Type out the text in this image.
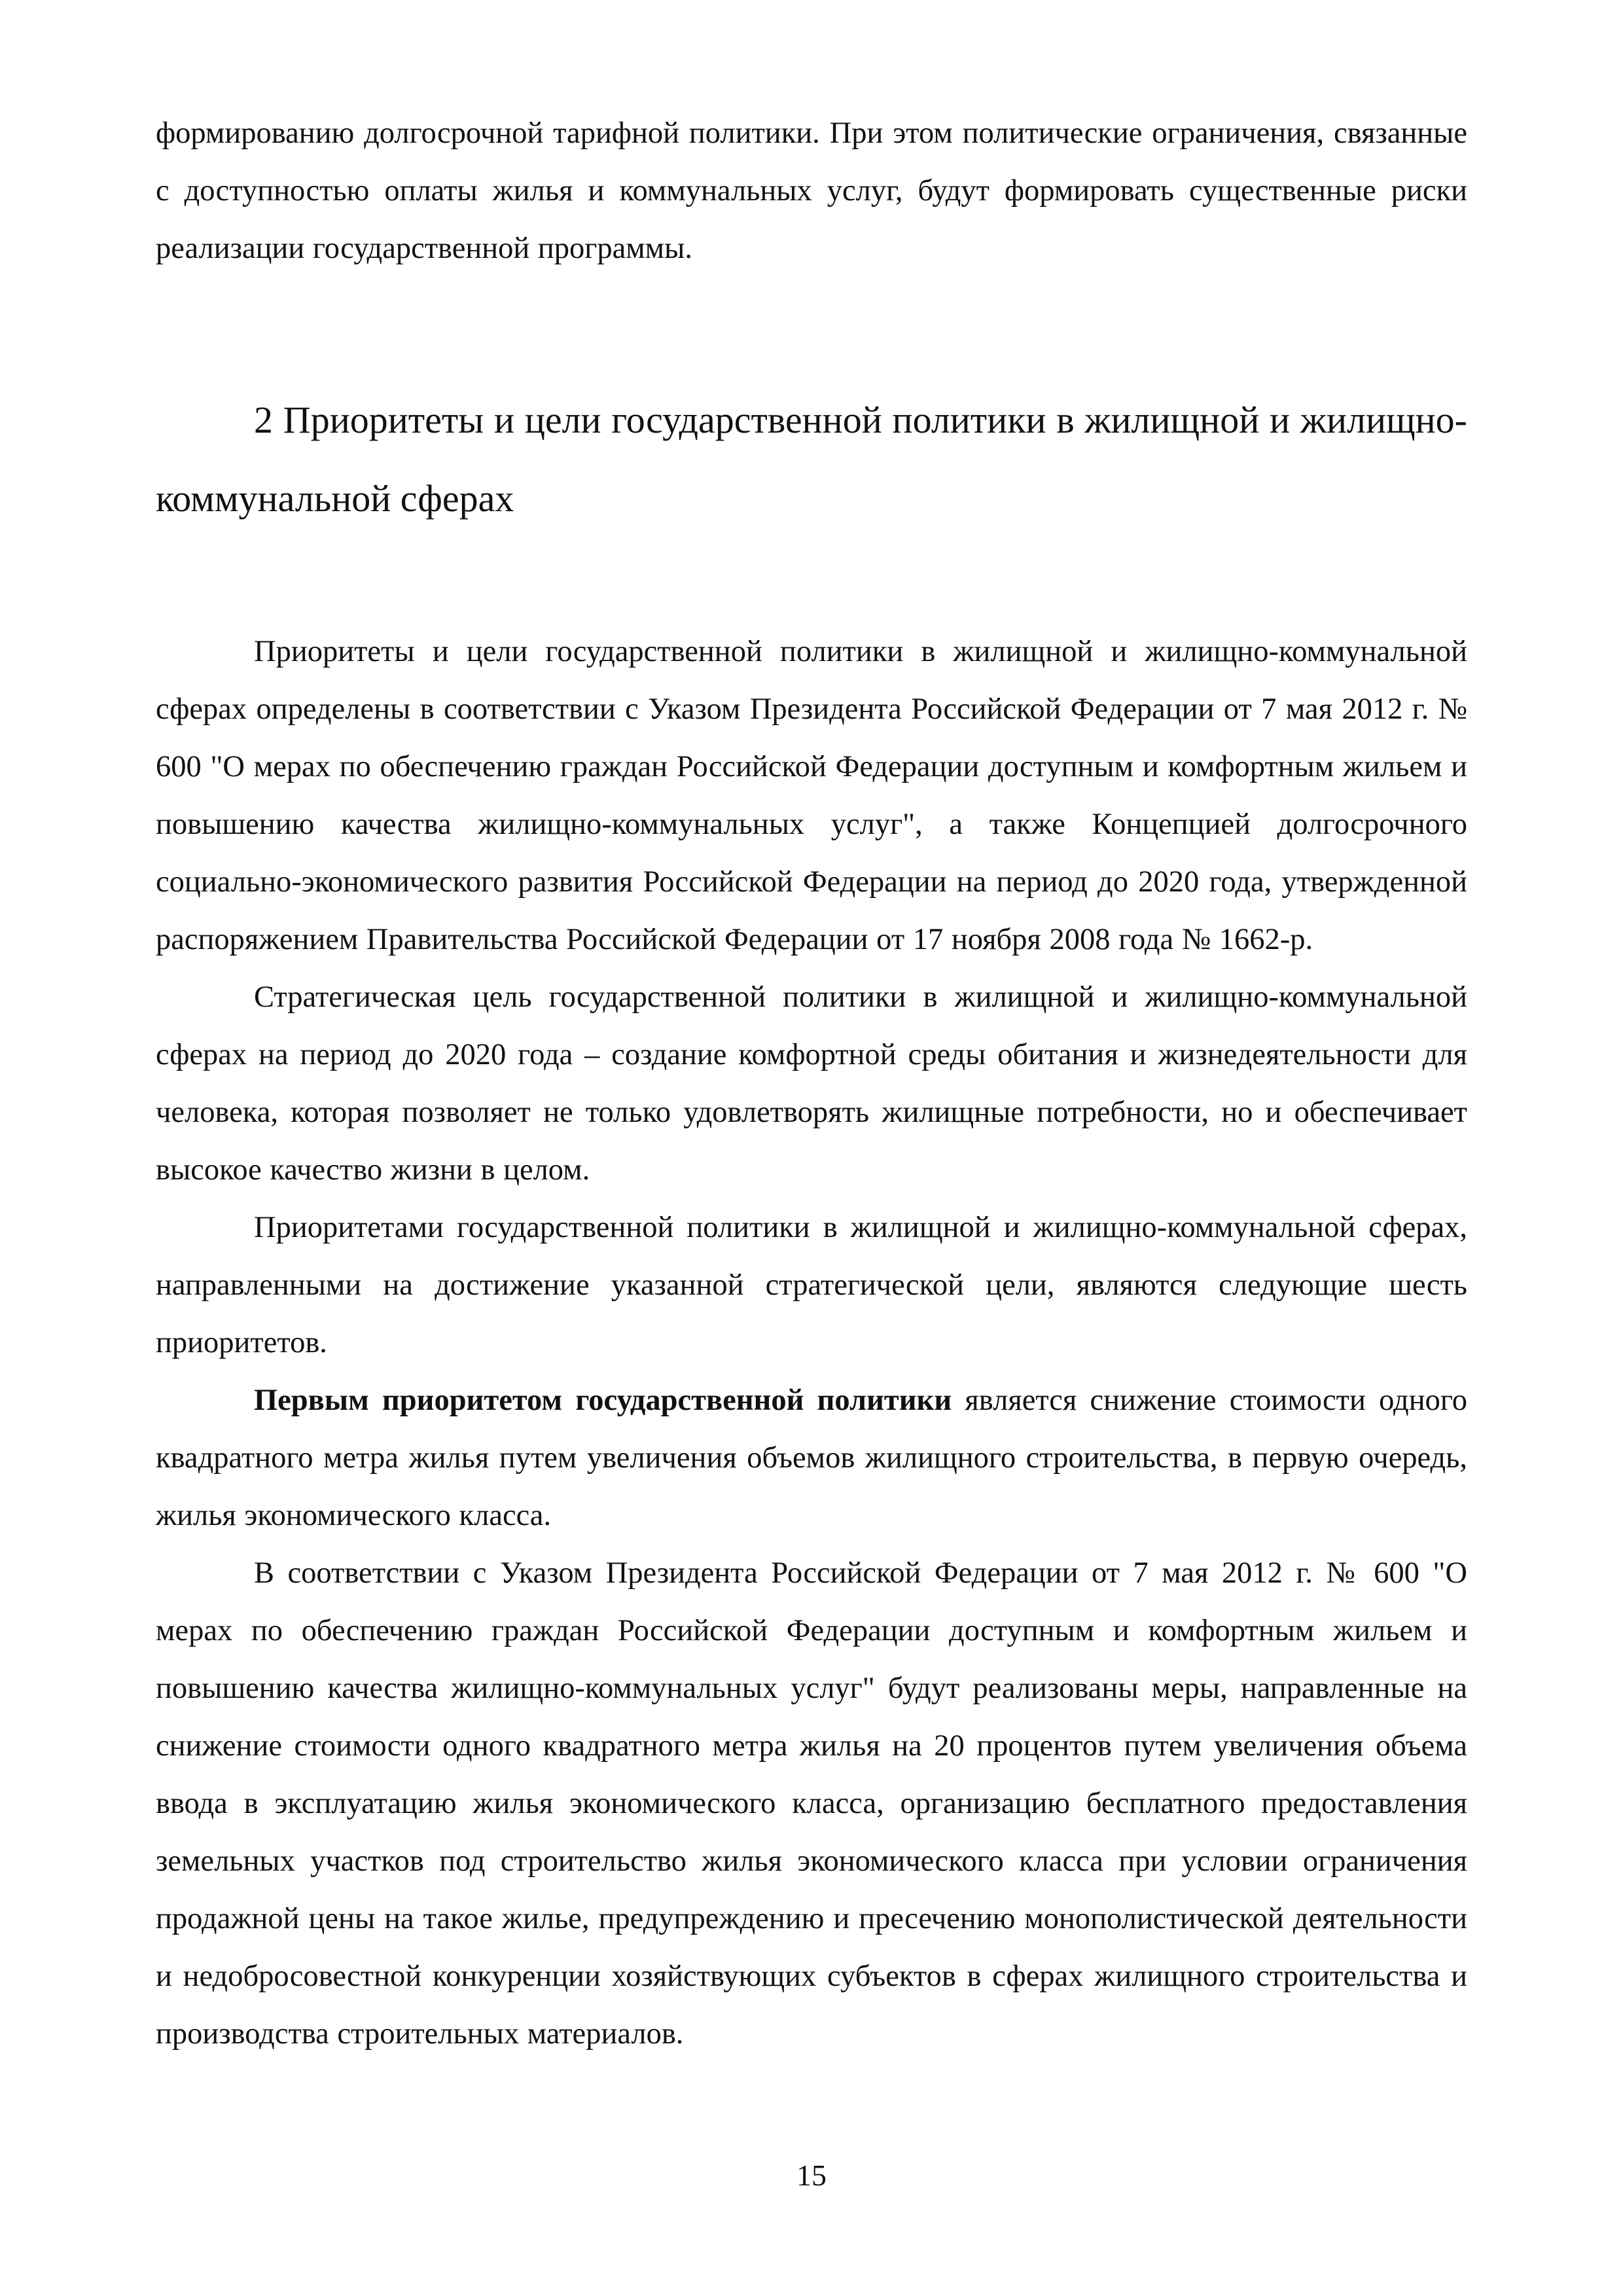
формированию долгосрочной тарифной политики. При этом политические ограничения, связанные с доступностью оплаты жилья и коммунальных услуг, будут формировать существенные риски реализации государственной программы.

2 Приоритеты и цели государственной политики в жилищной и жилищно-коммунальной сферах

Приоритеты и цели государственной политики в жилищной и жилищно-коммунальной сферах определены в соответствии с Указом Президента Российской Федерации от 7 мая 2012 г. № 600 "О мерах по обеспечению граждан Российской Федерации доступным и комфортным жильем и повышению качества жилищно-коммунальных услуг", а также Концепцией долгосрочного социально-экономического развития Российской Федерации на период до 2020 года, утвержденной распоряжением Правительства Российской Федерации от 17 ноября 2008 года № 1662-р.

Стратегическая цель государственной политики в жилищной и жилищно-коммунальной сферах на период до 2020 года – создание комфортной среды обитания и жизнедеятельности для человека, которая позволяет не только удовлетворять жилищные потребности, но и обеспечивает высокое качество жизни в целом.

Приоритетами государственной политики в жилищной и жилищно-коммунальной сферах, направленными на достижение указанной стратегической цели, являются следующие шесть приоритетов.

Первым приоритетом государственной политики является снижение стоимости одного квадратного метра жилья путем увеличения объемов жилищного строительства, в первую очередь, жилья экономического класса.

В соответствии с Указом Президента Российской Федерации от 7 мая 2012 г. № 600 "О мерах по обеспечению граждан Российской Федерации доступным и комфортным жильем и повышению качества жилищно-коммунальных услуг" будут реализованы меры, направленные на снижение стоимости одного квадратного метра жилья на 20 процентов путем увеличения объема ввода в эксплуатацию жилья экономического класса, организацию бесплатного предоставления земельных участков под строительство жилья экономического класса при условии ограничения продажной цены на такое жилье, предупреждению и пресечению монополистической деятельности и недобросовестной конкуренции хозяйствующих субъектов в сферах жилищного строительства и производства строительных материалов.

15
